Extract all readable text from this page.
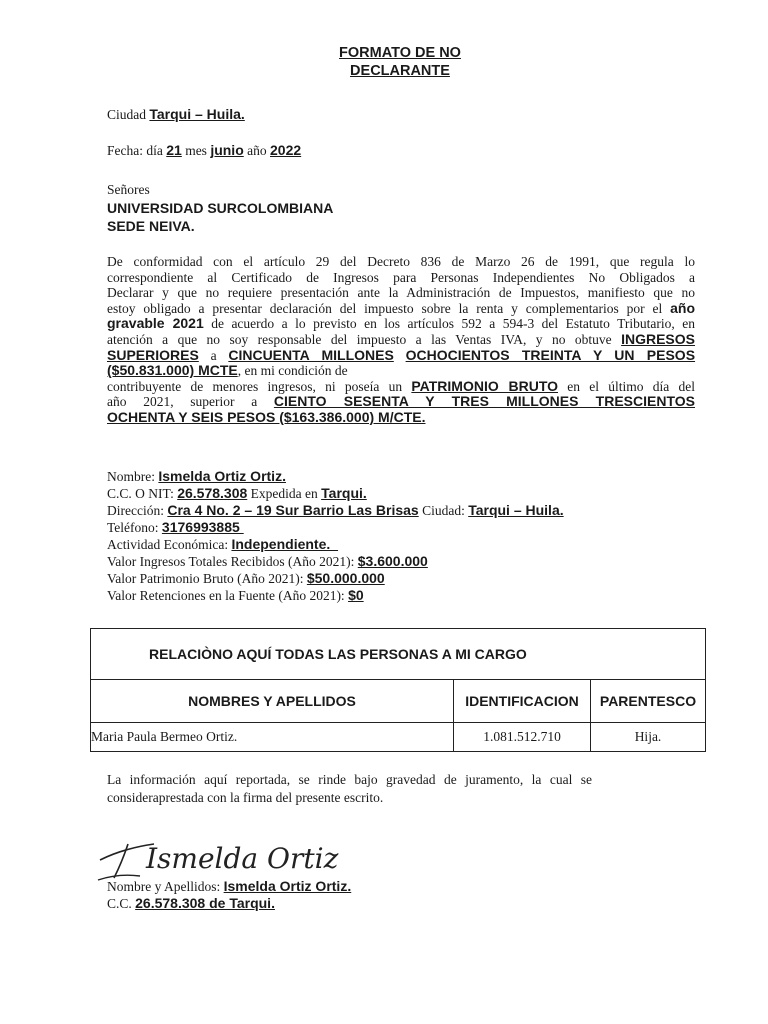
FORMATO DE NO
DECLARANTE
Ciudad Tarqui – Huila.
Fecha: día 21 mes junio año 2022
Señores
UNIVERSIDAD SURCOLOMBIANA
SEDE NEIVA.
De conformidad con el artículo 29 del Decreto 836 de Marzo 26 de 1991, que regula lo
correspondiente al Certificado de Ingresos para Personas Independientes No Obligados a
Declarar y que no requiere presentación ante la Administración de Impuestos, manifiesto que no
estoy obligado a presentar declaración del impuesto sobre la renta y complementarios por el año
gravable 2021 de acuerdo a lo previsto en los artículos 592 a 594-3 del Estatuto Tributario, en
atención a que no soy responsable del impuesto a las Ventas IVA, y no obtuve INGRESOS
SUPERIORES a CINCUENTA MILLONES OCHOCIENTOS TREINTA Y UN PESOS
($50.831.000) MCTE, en mi condición de
contribuyente de menores ingresos, ni poseía un PATRIMONIO BRUTO en el último día del
año 2021, superior a CIENTO SESENTA Y TRES MILLONES TRESCIENTOS
OCHENTA Y SEIS PESOS ($163.386.000) M/CTE.
Nombre: Ismelda Ortiz Ortiz.
C.C. O NIT: 26.578.308 Expedida en Tarqui.
Dirección: Cra 4 No. 2 – 19 Sur Barrio Las Brisas Ciudad: Tarqui – Huila.
Teléfono: 3176993885
Actividad Económica: Independiente.
Valor Ingresos Totales Recibidos (Año 2021): $3.600.000
Valor Patrimonio Bruto (Año 2021): $50.000.000
Valor Retenciones en la Fuente (Año 2021): $0
RELACIÒNO AQUÍ TODAS LAS PERSONAS A MI CARGO		
NOMBRES Y APELLIDOS	IDENTIFICACION	PARENTESCO
Maria Paula Bermeo Ortiz.	1.081.512.710	Hija.
La información aquí reportada, se rinde bajo gravedad de juramento, la cual se consideraprestada con la firma del presente escrito.
Ismelda Ortiz
Nombre y Apellidos: Ismelda Ortiz Ortiz.
C.C. 26.578.308 de Tarqui.
